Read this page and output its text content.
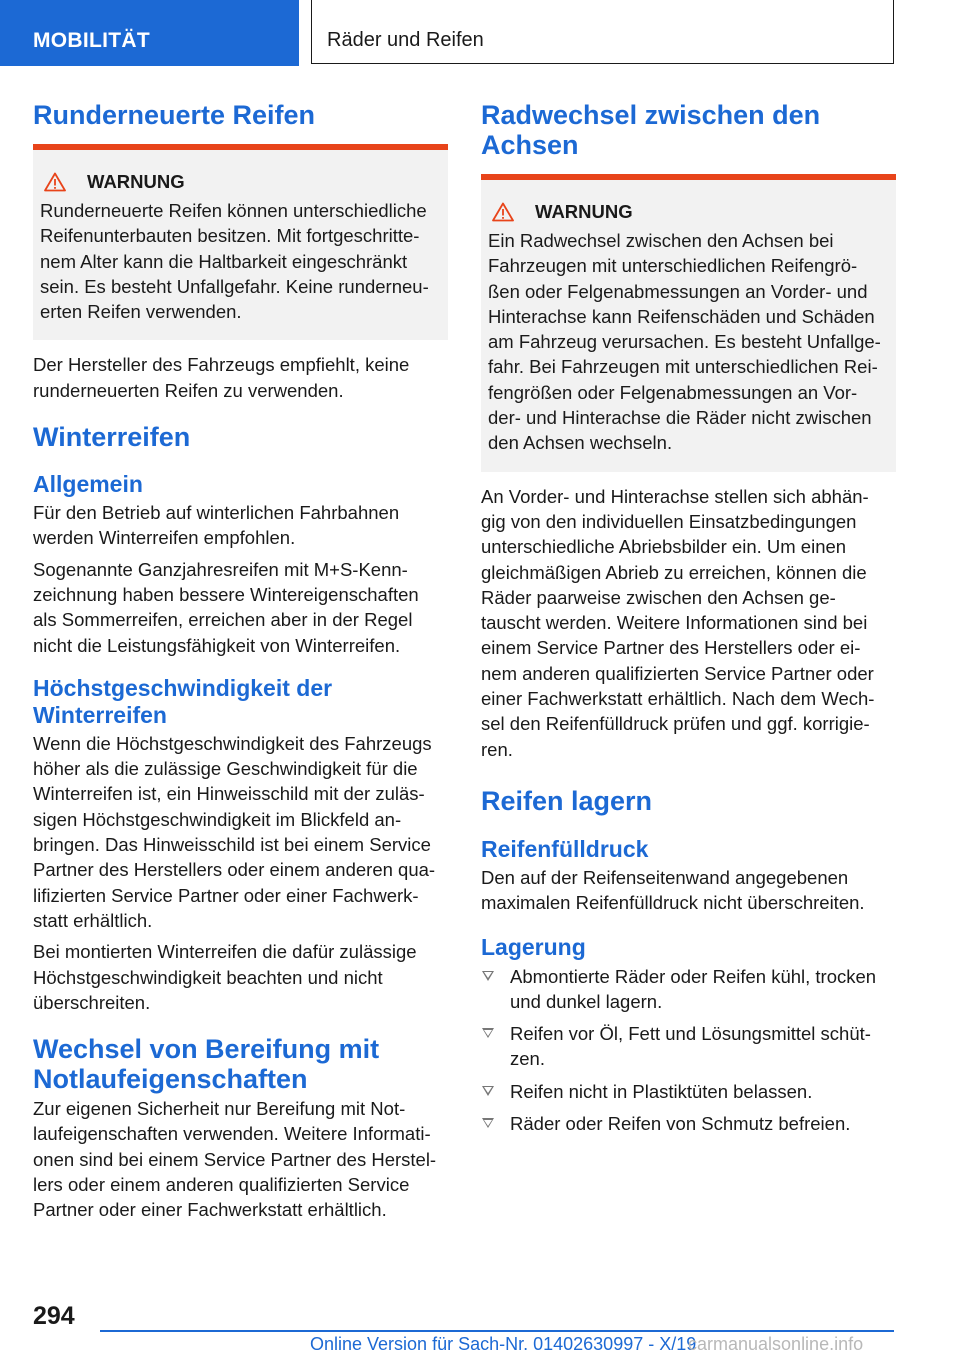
MOBILITÄT	Räder und Reifen
Runderneuerte Reifen
WARNUNG

Runderneuerte Reifen können unterschiedliche
Reifenunterbauten besitzen. Mit fortgeschritte‐
nem Alter kann die Haltbarkeit eingeschränkt
sein. Es besteht Unfallgefahr. Keine runderneu‐
erten Reifen verwenden.

Der Hersteller des Fahrzeugs empfiehlt, keine
runderneuerten Reifen zu verwenden.

Winterreifen
Allgemein

Für den Betrieb auf winterlichen Fahrbahnen
werden Winterreifen empfohlen.

Sogenannte Ganzjahresreifen mit M+S-Kenn‐
zeichnung haben bessere Wintereigenschaften
als Sommerreifen, erreichen aber in der Regel
nicht die Leistungsfähigkeit von Winterreifen.

Höchstgeschwindigkeit der
Winterreifen

Wenn die Höchstgeschwindigkeit des Fahrzeugs
höher als die zulässige Geschwindigkeit für die
Winterreifen ist, ein Hinweisschild mit der zuläs‐
sigen Höchstgeschwindigkeit im Blickfeld an‐
bringen. Das Hinweisschild ist bei einem Service
Partner des Herstellers oder einem anderen qua‐
lifizierten Service Partner oder einer Fachwerk‐
statt erhältlich.

Bei montierten Winterreifen die dafür zulässige
Höchstgeschwindigkeit beachten und nicht
überschreiten.

Wechsel von Bereifung mit
Notlaufeigenschaften

Zur eigenen Sicherheit nur Bereifung mit Not‐
laufeigenschaften verwenden. Weitere Informati‐
onen sind bei einem Service Partner des Herstel‐
lers oder einem anderen qualifizierten Service
Partner oder einer Fachwerkstatt erhältlich.

Radwechsel zwischen den
Achsen
WARNUNG

Ein Radwechsel zwischen den Achsen bei
Fahrzeugen mit unterschiedlichen Reifengrö‐
ßen oder Felgenabmessungen an Vorder- und
Hinterachse kann Reifenschäden und Schäden
am Fahrzeug verursachen. Es besteht Unfallge‐
fahr. Bei Fahrzeugen mit unterschiedlichen Rei‐
fengrößen oder Felgenabmessungen an Vor‐
der- und Hinterachse die Räder nicht zwischen
den Achsen wechseln.

An Vorder- und Hinterachse stellen sich abhän‐
gig von den individuellen Einsatzbedingungen
unterschiedliche Abriebsbilder ein. Um einen
gleichmäßigen Abrieb zu erreichen, können die
Räder paarweise zwischen den Achsen ge‐
tauscht werden. Weitere Informationen sind bei
einem Service Partner des Herstellers oder ei‐
nem anderen qualifizierten Service Partner oder
einer Fachwerkstatt erhältlich. Nach dem Wech‐
sel den Reifenfülldruck prüfen und ggf. korrigie‐
ren.

Reifen lagern
Reifenfülldruck

Den auf der Reifenseitenwand angegebenen
maximalen Reifenfülldruck nicht überschreiten.

Lagerung
Abmontierte Räder oder Reifen kühl, trocken
und dunkel lagern.
Reifen vor Öl, Fett und Lösungsmittel schüt‐
zen.
Reifen nicht in Plastiktüten belassen.
Räder oder Reifen von Schmutz befreien.
294
Online Version für Sach-Nr. 01402630997 - X/19
carmanualsonline.info
